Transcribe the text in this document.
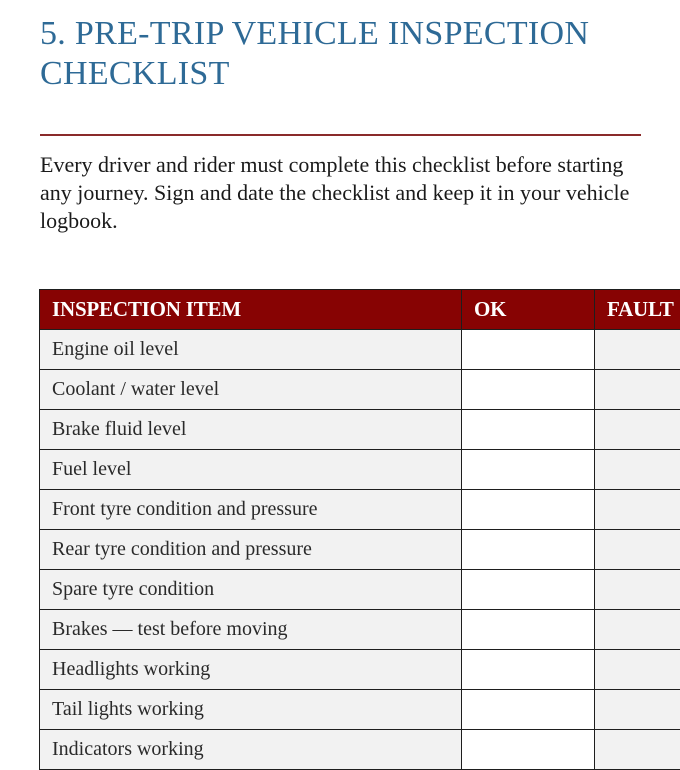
5. PRE-TRIP VEHICLE INSPECTION CHECKLIST

Every driver and rider must complete this checklist before starting any journey. Sign and date the checklist and keep it in your vehicle logbook.

INSPECTION ITEM	OK	FAULT
Engine oil level		
Coolant / water level		
Brake fluid level		
Fuel level		
Front tyre condition and pressure		
Rear tyre condition and pressure		
Spare tyre condition		
Brakes — test before moving		
Headlights working		
Tail lights working		
Indicators working		
